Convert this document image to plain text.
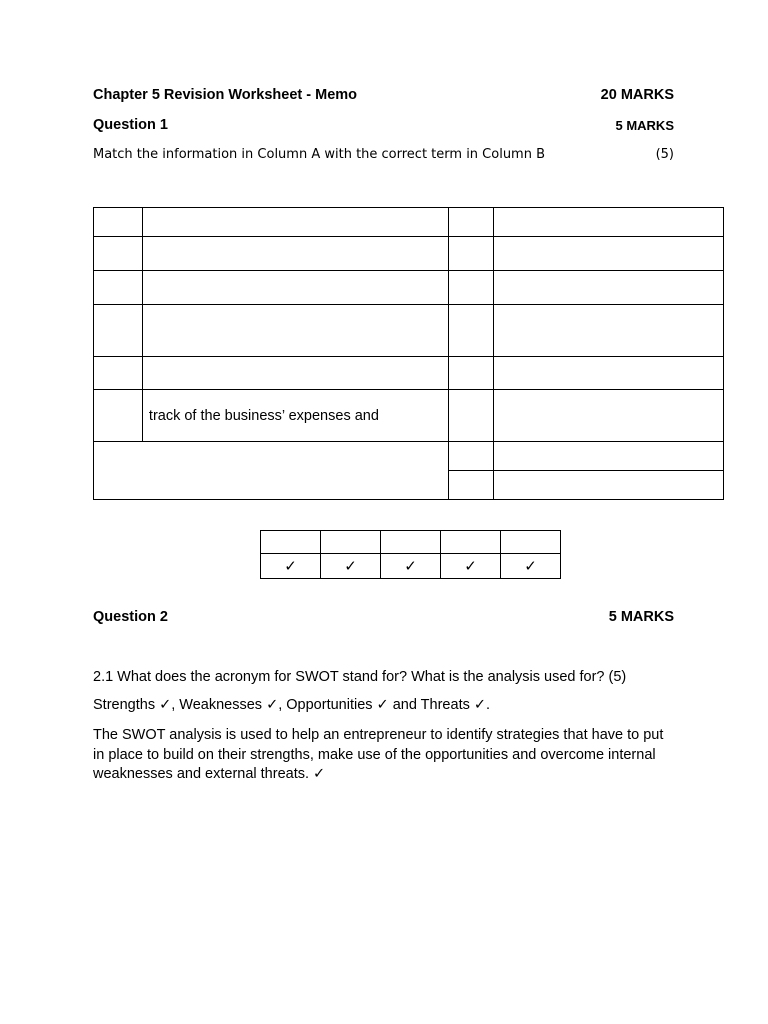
Chapter 5 Revision Worksheet - Memo	20 MARKS
Question 1	5 MARKS
Match the information in Column A with the correct term in Column B	(5)

	track of the business’ expenses and		

✓	✓	✓	✓	✓
Question 2	5 MARKS
2.1 What does the acronym for SWOT stand for? What is the analysis used for? (5)
Strengths ✓, Weaknesses ✓, Opportunities ✓ and Threats ✓.
The SWOT analysis is used to help an entrepreneur to identify strategies that have to put in place to build on their strengths, make use of the opportunities and overcome internal weaknesses and external threats. ✓
